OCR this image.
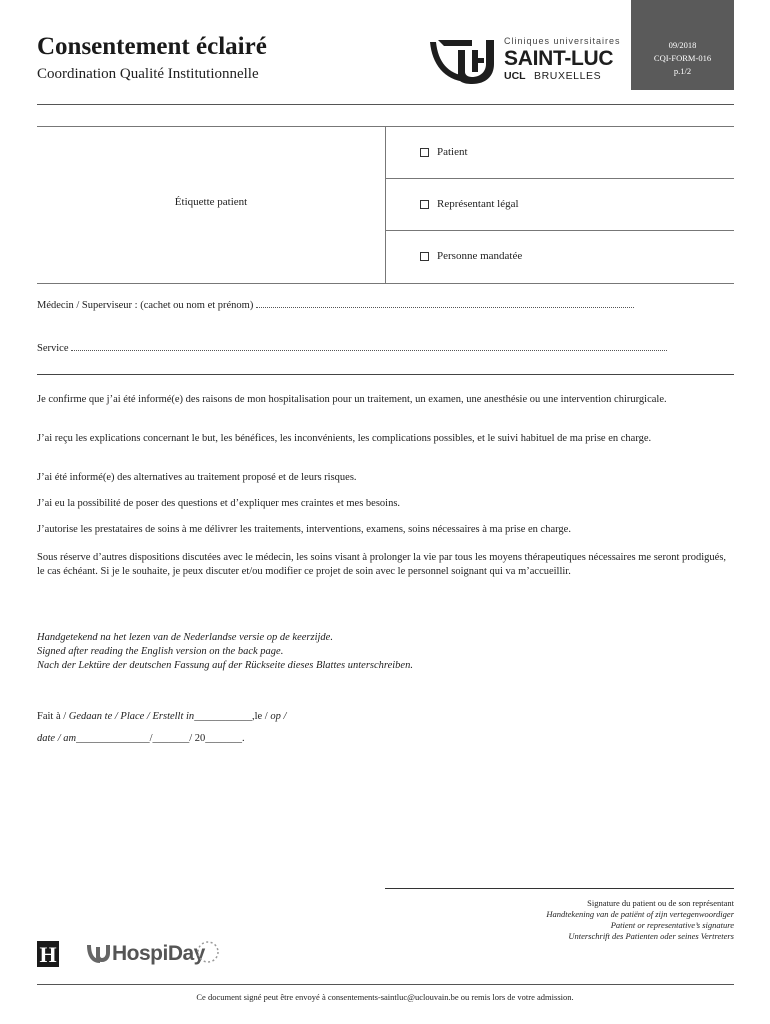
Consentement éclairé
Coordination Qualité Institutionnelle
Cliniques universitaires
SAINT-LUC
UCL BRUXELLES
09/2018
CQI-FORM-016
p.1/2
Étiquette patient
Patient
Représentant légal
Personne mandatée
Médecin / Superviseur : (cachet ou nom et prénom)
Service
Je confirme que j’ai été informé(e) des raisons de mon hospitalisation pour un traitement, un examen, une anesthésie ou une intervention chirurgicale.
J’ai reçu les explications concernant le but, les bénéfices, les inconvénients, les complications possibles, et le suivi habituel de ma prise en charge.
J’ai été informé(e) des alternatives au traitement proposé et de leurs risques.
J’ai eu la possibilité de poser des questions et d’expliquer mes craintes et mes besoins.
J’autorise les prestataires de soins à me délivrer les traitements, interventions, examens, soins nécessaires à ma prise en charge.
Sous réserve d’autres dispositions discutées avec le médecin, les soins visant à prolonger la vie par tous les moyens thérapeutiques nécessaires me seront prodigués, le cas échéant. Si je le souhaite, je peux discuter et/ou modifier ce projet de soin avec le personnel soignant qui va m’accueillir.
Handgetekend na het lezen van de Nederlandse versie op de keerzijde.
Signed after reading the English version on the back page.
Nach der Lektüre der deutschen Fassung auf der Rückseite dieses Blattes unterschreiben.
Fait à / Gedaan te / Place / Erstellt in___________,le / op /
date / am______________/_______/ 20_______.
Signature du patient ou de son représentant
Handtekening van de patiënt of zijn vertegenwoordiger
Patient or representative’s signature
Unterschrift des Patienten oder seines Vertreters
H	HospiDay
Ce document signé peut être envoyé à consentements-saintluc@uclouvain.be ou remis lors de votre admission.
